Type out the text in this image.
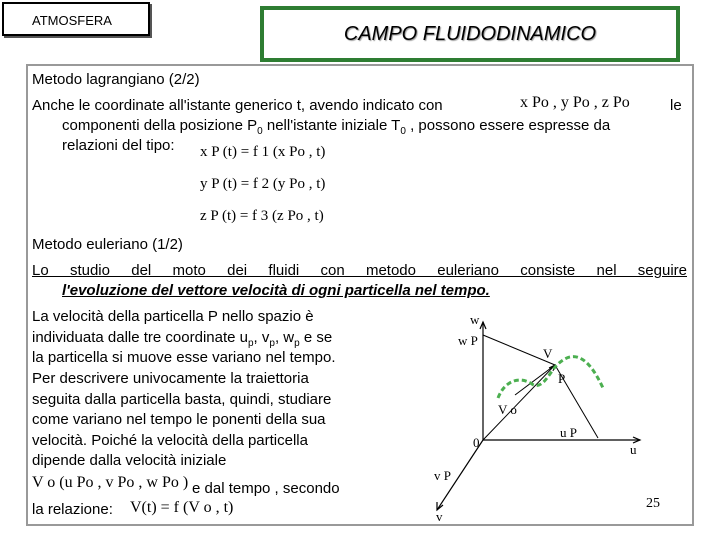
ATMOSFERA
CAMPO FLUIDODINAMICO
Metodo lagrangiano (2/2)
Anche le coordinate all'istante generico t, avendo indicato con	x Po , y Po , z Po	le
componenti della posizione $P_0$ nell'istante iniziale $T_0$ , possono essere espresse da
relazioni del tipo: x P (t) = f 1 (x Po , t)
y P (t) = f 2 (y Po , t)
z P (t) = f 3 (z Po , t)
Metodo euleriano (1/2)
Lo studio del moto dei fluidi con metodo euleriano consiste nel seguire
l'evoluzione del vettore velocità di ogni particella nel tempo.
La velocità della particella P nello spazio è
individuata dalle tre coordinate $u_p$, $v_p$, $w_p$ e se
la particella si muove esse variano nel tempo.
Per descrivere univocamente la traiettoria
seguita dalla particella basta, quindi, studiare
come variano nel tempo le ponenti della sua
velocità. Poiché la velocità della particella
dipende dalla velocità iniziale
V o (u Po , v Po , w Po ) e dal tempo , secondo
la relazione: V(t) = f (V o , t)
w
w P
V
P
V o
0
u P
u
v P
v
25
